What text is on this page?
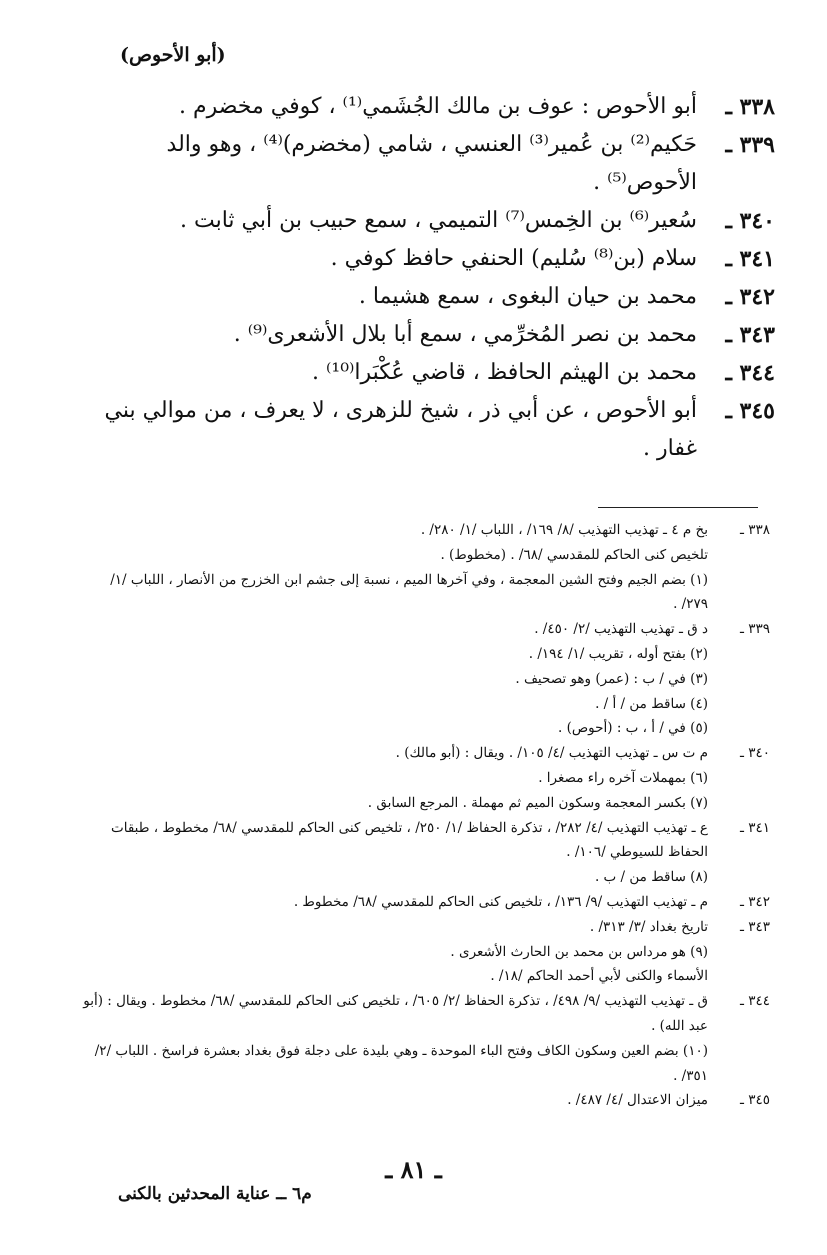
(أبو الأحوص)
٣٣٨ ـ
أبو الأحوص : عوف بن مالك الجُشَمي⁽¹⁾ ، كوفي مخضرم .
٣٣٩ ـ
حَكيم⁽²⁾ بن عُمير⁽³⁾ العنسي ، شامي (مخضرم)⁽⁴⁾ ، وهو والد الأحوص⁽⁵⁾ .
٣٤٠ ـ
سُعير⁽⁶⁾ بن الخِمس⁽⁷⁾ التميمي ، سمع حبيب بن أبي ثابت .
٣٤١ ـ
سلام (بن⁽⁸⁾ سُليم) الحنفي حافظ كوفي .
٣٤٢ ـ
محمد بن حيان البغوى ، سمع هشيما .
٣٤٣ ـ
محمد بن نصر المُخرِّمي ، سمع أبا بلال الأشعرى⁽⁹⁾ .
٣٤٤ ـ
محمد بن الهيثم الحافظ ، قاضي عُكْبَرا⁽¹⁰⁾ .
٣٤٥ ـ
أبو الأحوص ، عن أبي ذر ، شيخ للزهرى ، لا يعرف ، من موالي بني غفار .
٣٣٨ ـ
بخ م ٤ ـ تهذيب التهذيب /٨/ ١٦٩/ ، اللباب /١/ ٢٨٠/ .
تلخيص كنى الحاكم للمقدسي /٦٨/ . (مخطوط) .
(١) بضم الجيم وفتح الشين المعجمة ، وفي آخرها الميم ، نسبة إلى جشم ابن الخزرج من الأنصار ، اللباب /١/ ٢٧٩/ .
٣٣٩ ـ
د ق ـ تهذيب التهذيب /٢/ ٤٥٠/ .
(٢) بفتح أوله ، تقريب /١/ ١٩٤/ .
(٣) في / ب : (عمر) وهو تصحيف .
(٤) ساقط من / أ / .
(٥) في / أ ، ب : (أحوص) .
٣٤٠ ـ
م ت س ـ تهذيب التهذيب /٤/ ١٠٥/ . ويقال : (أبو مالك) .
(٦) بمهملات آخره راء مصغرا .
(٧) بكسر المعجمة وسكون الميم ثم مهملة . المرجع السابق .
٣٤١ ـ
ع ـ تهذيب التهذيب /٤/ ٢٨٢/ ، تذكرة الحفاظ /١/ ٢٥٠/ ، تلخيص كنى الحاكم للمقدسي /٦٨/ مخطوط ، طبقات الحفاظ للسيوطي /١٠٦/ .
(٨) ساقط من / ب .
٣٤٢ ـ
م ـ تهذيب التهذيب /٩/ ١٣٦/ ، تلخيص كنى الحاكم للمقدسي /٦٨/ مخطوط .
٣٤٣ ـ
تاريخ بغداد /٣/ ٣١٣/ .
(٩) هو مرداس بن محمد بن الحارث الأشعرى .
الأسماء والكنى لأبي أحمد الحاكم /١٨/ .
٣٤٤ ـ
ق ـ تهذيب التهذيب /٩/ ٤٩٨/ ، تذكرة الحفاظ /٢/ ٦٠٥/ ، تلخيص كنى الحاكم للمقدسي /٦٨/ مخطوط . ويقال : (أبو عبد الله) .
(١٠) بضم العين وسكون الكاف وفتح الباء الموحدة ـ وهي بليدة على دجلة فوق بغداد بعشرة فراسخ . اللباب /٢/ ٣٥١/ .
٣٤٥ ـ
ميزان الاعتدال /٤/ ٤٨٧/ .
ـ ٨١ ـ
م٦ ــ عناية المحدثين بالكنى
